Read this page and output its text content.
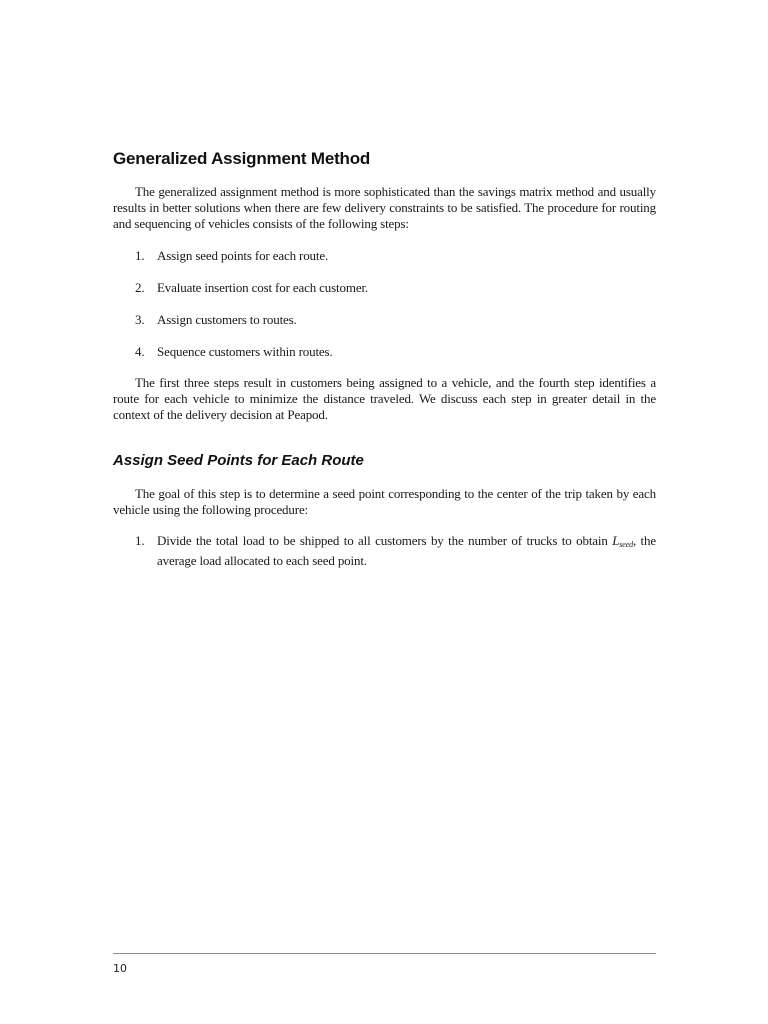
Generalized Assignment Method

The generalized assignment method is more sophisticated than the savings matrix method and usually results in better solutions when there are few delivery constraints to be satisfied. The procedure for routing and sequencing of vehicles consists of the following steps:

1. Assign seed points for each route.
2. Evaluate insertion cost for each customer.
3. Assign customers to routes.
4. Sequence customers within routes.

The first three steps result in customers being assigned to a vehicle, and the fourth step identifies a route for each vehicle to minimize the distance traveled. We discuss each step in greater detail in the context of the delivery decision at Peapod.

Assign Seed Points for Each Route

The goal of this step is to determine a seed point corresponding to the center of the trip taken by each vehicle using the following procedure:

1. Divide the total load to be shipped to all customers by the number of trucks to obtain $L_{seed}$, the average load allocated to each seed point.
10
